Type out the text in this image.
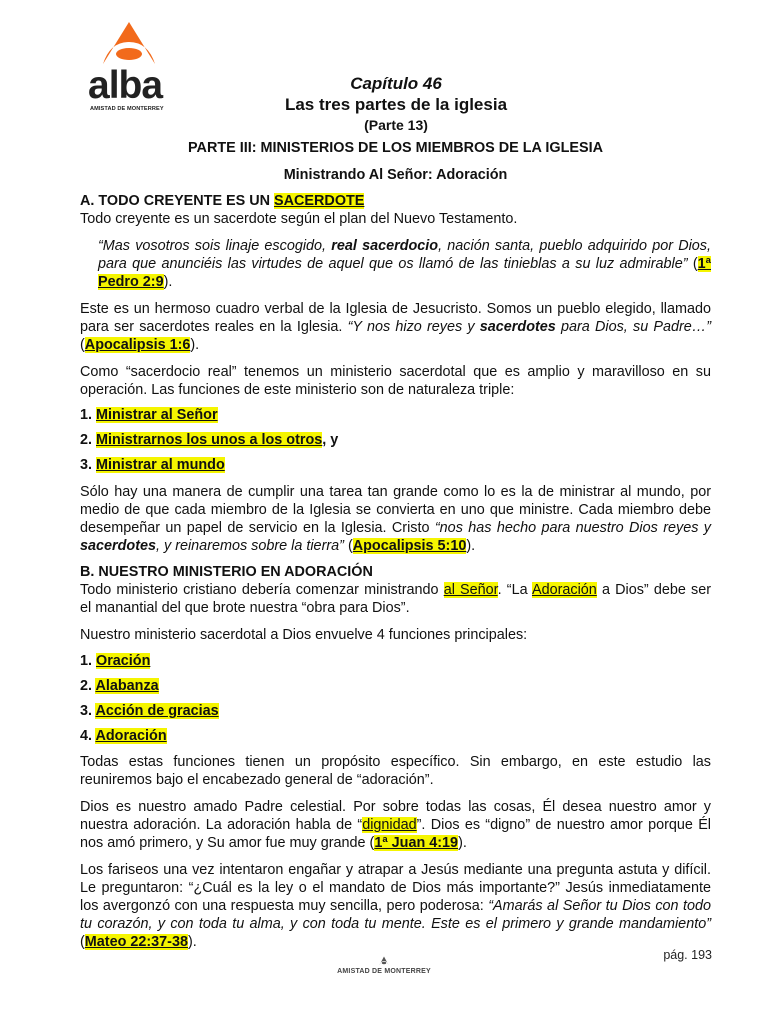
alba
AMISTAD DE MONTERREY
Capítulo 46
Las tres partes de la iglesia
(Parte 13)
PARTE III: MINISTERIOS DE LOS MIEMBROS DE LA IGLESIA
Ministrando Al Señor: Adoración
A. TODO CREYENTE ES UN SACERDOTE

Todo creyente es un sacerdote según el plan del Nuevo Testamento.

“Mas vosotros sois linaje escogido, real sacerdocio, nación santa, pueblo adquirido por Dios, para que anunciéis las virtudes de aquel que os llamó de las tinieblas a su luz admirable” (1ª Pedro 2:9).

Este es un hermoso cuadro verbal de la Iglesia de Jesucristo. Somos un pueblo elegido, llamado para ser sacerdotes reales en la Iglesia. “Y nos hizo reyes y sacerdotes para Dios, su Padre…” (Apocalipsis 1:6).

Como “sacerdocio real” tenemos un ministerio sacerdotal que es amplio y maravilloso en su operación. Las funciones de este ministerio son de naturaleza triple:

1. Ministrar al Señor
2. Ministrarnos los unos a los otros, y
3. Ministrar al mundo

Sólo hay una manera de cumplir una tarea tan grande como lo es la de ministrar al mundo, por medio de que cada miembro de la Iglesia se convierta en uno que ministre. Cada miembro debe desempeñar un papel de servicio en la Iglesia. Cristo “nos has hecho para nuestro Dios reyes y sacerdotes, y reinaremos sobre la tierra” (Apocalipsis 5:10).

B. NUESTRO MINISTERIO EN ADORACIÓN

Todo ministerio cristiano debería comenzar ministrando al Señor. “La Adoración a Dios” debe ser el manantial del que brote nuestra “obra para Dios”.

Nuestro ministerio sacerdotal a Dios envuelve 4 funciones principales:

1. Oración
2. Alabanza
3. Acción de gracias
4. Adoración

Todas estas funciones tienen un propósito específico. Sin embargo, en este estudio las reuniremos bajo el encabezado general de “adoración”.

Dios es nuestro amado Padre celestial. Por sobre todas las cosas, Él desea nuestro amor y nuestra adoración. La adoración habla de “dignidad”. Dios es “digno” de nuestro amor porque Él nos amó primero, y Su amor fue muy grande (1ª Juan 4:19).

Los fariseos una vez intentaron engañar y atrapar a Jesús mediante una pregunta astuta y difícil. Le preguntaron: “¿Cuál es la ley o el mandato de Dios más importante?” Jesús inmediatamente los avergonzó con una respuesta muy sencilla, pero poderosa: “Amarás al Señor tu Dios con todo tu corazón, y con toda tu alma, y con toda tu mente. Este es el primero y grande mandamiento” (Mateo 22:37-38).

pág. 193
AMISTAD DE MONTERREY
